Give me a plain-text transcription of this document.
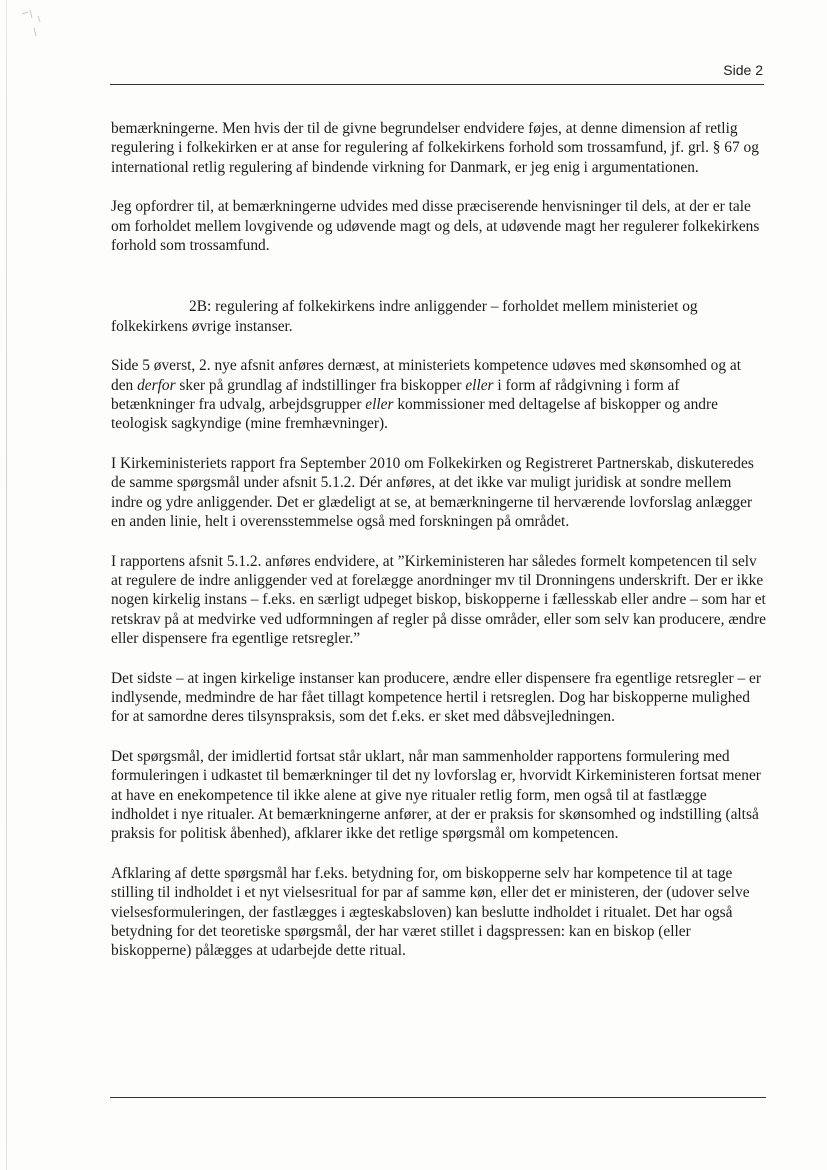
Side 2

bemærkningerne. Men hvis der til de givne begrundelser endvidere føjes, at denne dimension af retlig regulering i folkekirken er at anse for regulering af folkekirkens forhold som trossamfund, jf. grl. § 67 og international retlig regulering af bindende virkning for Danmark, er jeg enig i argumentationen.

Jeg opfordrer til, at bemærkningerne udvides med disse præciserende henvisninger til dels, at der er tale om forholdet mellem lovgivende og udøvende magt og dels, at udøvende magt her regulerer folkekirkens forhold som trossamfund.

2B: regulering af folkekirkens indre anliggender – forholdet mellem ministeriet og folkekirkens øvrige instanser.

Side 5 øverst, 2. nye afsnit anføres dernæst, at ministeriets kompetence udøves med skønsomhed og at den derfor sker på grundlag af indstillinger fra biskopper eller i form af rådgivning i form af betænkninger fra udvalg, arbejdsgrupper eller kommissioner med deltagelse af biskopper og andre teologisk sagkyndige (mine fremhævninger).

I Kirkeministeriets rapport fra September 2010 om Folkekirken og Registreret Partnerskab, diskuteredes de samme spørgsmål under afsnit 5.1.2. Dér anføres, at det ikke var muligt juridisk at sondre mellem indre og ydre anliggender. Det er glædeligt at se, at bemærkningerne til herværende lovforslag anlægger en anden linie, helt i overensstemmelse også med forskningen på området.

I rapportens afsnit 5.1.2. anføres endvidere, at ”Kirkeministeren har således formelt kompetencen til selv at regulere de indre anliggender ved at forelægge anordninger mv til Dronningens underskrift. Der er ikke nogen kirkelig instans – f.eks. en særligt udpeget biskop, biskopperne i fællesskab eller andre – som har et retskrav på at medvirke ved udformningen af regler på disse områder, eller som selv kan producere, ændre eller dispensere fra egentlige retsregler.”

Det sidste – at ingen kirkelige instanser kan producere, ændre eller dispensere fra egentlige retsregler – er indlysende, medmindre de har fået tillagt kompetence hertil i retsreglen. Dog har biskopperne mulighed for at samordne deres tilsynspraksis, som det f.eks. er sket med dåbsvejledningen.

Det spørgsmål, der imidlertid fortsat står uklart, når man sammenholder rapportens formulering med formuleringen i udkastet til bemærkninger til det ny lovforslag er, hvorvidt Kirkeministeren fortsat mener at have en enekompetence til ikke alene at give nye ritualer retlig form, men også til at fastlægge indholdet i nye ritualer. At bemærkningerne anfører, at der er praksis for skønsomhed og indstilling (altså praksis for politisk åbenhed), afklarer ikke det retlige spørgsmål om kompetencen.

Afklaring af dette spørgsmål har f.eks. betydning for, om biskopperne selv har kompetence til at tage stilling til indholdet i et nyt vielsesritual for par af samme køn, eller det er ministeren, der (udover selve vielsesformuleringen, der fastlægges i ægteskabsloven) kan beslutte indholdet i ritualet. Det har også betydning for det teoretiske spørgsmål, der har været stillet i dagspressen: kan en biskop (eller biskopperne) pålægges at udarbejde dette ritual.
